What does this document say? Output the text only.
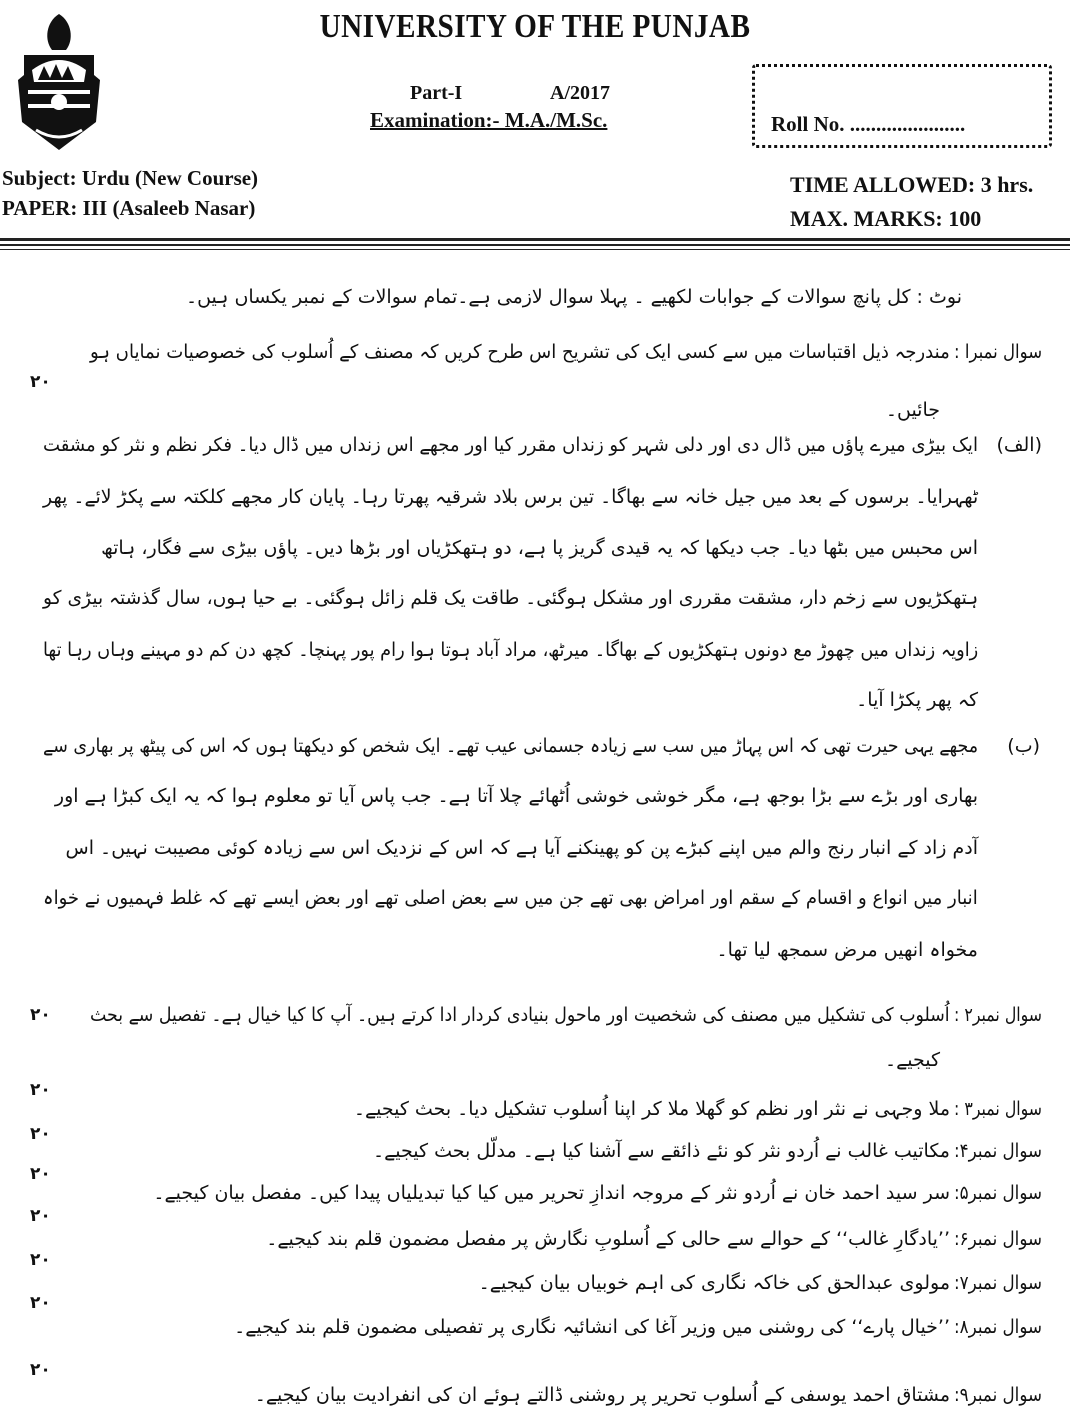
UNIVERSITY OF THE PUNJAB
Part-I	A/2017
Examination:- M.A./M.Sc.	Roll No. ......................
Subject: Urdu (New Course)
PAPER: III (Asaleeb Nasar)
TIME ALLOWED: 3 hrs.
MAX. MARKS: 100
نوٹ : کل پانچ سوالات کے جوابات لکھیے ۔ پہلا سوال لازمی ہے۔تمام سوالات کے نمبر یکساں ہیں۔
سوال نمبرا :
مندرجہ ذیل اقتباسات میں سے کسی ایک کی تشریح اس طرح کریں کہ مصنف کے اُسلوب کی خصوصیات نمایاں ہو
۲۰
جائیں۔
(الف)
ایک بیڑی میرے پاؤں میں ڈال دی اور دلی شہر کو زنداں مقرر کیا اور مجھے اس زنداں میں ڈال دیا۔ فکر نظم و نثر کو مشقت
ٹھہرایا۔ برسوں کے بعد میں جیل خانہ سے بھاگا۔ تین برس بلاد شرقیہ پھرتا رہا۔ پایان کار مجھے کلکتہ سے پکڑ لائے۔ پھر
اس محبس میں بٹھا دیا۔ جب دیکھا کہ یہ قیدی گریز پا ہے، دو ہتھکڑیاں اور بڑھا دیں۔ پاؤں بیڑی سے فگار، ہاتھ
ہتھکڑیوں سے زخم دار، مشقت مقرری اور مشکل ہوگئی۔ طاقت یک قلم زائل ہوگئی۔ بے حیا ہوں، سال گذشتہ بیڑی کو
زاویہ زنداں میں چھوڑ مع دونوں ہتھکڑیوں کے بھاگا۔ میرٹھ، مراد آباد ہوتا ہوا رام پور پہنچا۔ کچھ دن کم دو مہینے وہاں رہا تھا
کہ پھر پکڑا آیا۔
(ب)
مجھے یہی حیرت تھی کہ اس پہاڑ میں سب سے زیادہ جسمانی عیب تھے۔ ایک شخص کو دیکھتا ہوں کہ اس کی پیٹھ پر بھاری سے
بھاری اور بڑے سے بڑا بوجھ ہے، مگر خوشی خوشی اُٹھائے چلا آتا ہے۔ جب پاس آیا تو معلوم ہوا کہ یہ ایک کبڑا ہے اور
آدم زاد کے انبار رنج والم میں اپنے کبڑے پن کو پھینکنے آیا ہے کہ اس کے نزدیک اس سے زیادہ کوئی مصیبت نہیں۔ اس
انبار میں انواع و اقسام کے سقم اور امراض بھی تھے جن میں سے بعض اصلی تھے اور بعض ایسے تھے کہ غلط فہمیوں نے خواہ
مخواہ انھیں مرض سمجھ لیا تھا۔
۲۰	سوال نمبر۲ :
اُسلوب کی تشکیل میں مصنف کی شخصیت اور ماحول بنیادی کردار ادا کرتے ہیں۔ آپ کا کیا خیال ہے۔ تفصیل سے بحث
کیجیے۔
۲۰
سوال نمبر۳ :
ملا وجہی نے نثر اور نظم کو گھلا ملا کر اپنا اُسلوب تشکیل دیا۔ بحث کیجیے۔
۲۰
سوال نمبر۴:
مکاتیب غالب نے اُردو نثر کو نئے ذائقے سے آشنا کیا ہے۔ مدلّل بحث کیجیے۔
۲۰
سوال نمبر۵:
سر سید احمد خان نے اُردو نثر کے مروجہ اندازِ تحریر میں کیا کیا تبدیلیاں پیدا کیں۔ مفصل بیان کیجیے۔
۲۰
سوال نمبر۶:
’’یادگارِ غالب‘‘ کے حوالے سے حالی کے اُسلوبِ نگارش پر مفصل مضمون قلم بند کیجیے۔
۲۰
سوال نمبر۷:
مولوی عبدالحق کی خاکہ نگاری کی اہم خوبیاں بیان کیجیے۔
۲۰
سوال نمبر۸:
’’خیال پارے‘‘ کی روشنی میں وزیر آغا کی انشائیہ نگاری پر تفصیلی مضمون قلم بند کیجیے۔
۲۰
سوال نمبر۹:
مشتاق احمد یوسفی کے اُسلوب تحریر پر روشنی ڈالتے ہوئے ان کی انفرادیت بیان کیجیے۔
